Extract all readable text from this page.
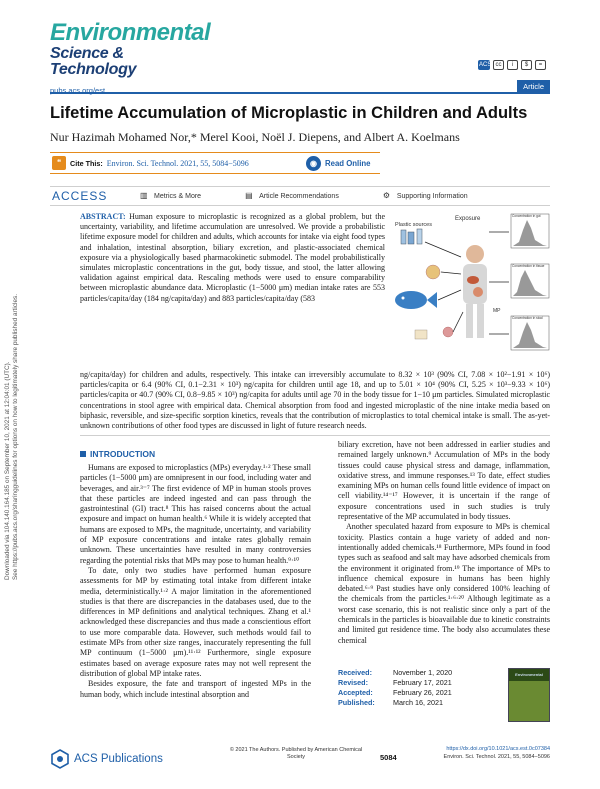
Downloaded via 104.140.164.185 on September 10, 2021 at 12:04:01 (UTC). See https://pubs.acs.org/sharingguidelines for options on how to legitimately share published articles.
Environmental
Science & Technology	ACS cc	i	$	=
pubs.acs.org/est	Article
Lifetime Accumulation of Microplastic in Children and Adults
Nur Hazimah Mohamed Nor,* Merel Kooi, Noël J. Diepens, and Albert A. Koelmans
❝	Cite This: Environ. Sci. Technol. 2021, 55, 5084−5096	◉	Read Online
ACCESS	▥ Metrics & More	▤ Article Recommendations	⚙ Supporting Information
ABSTRACT: Human exposure to microplastic is recognized as a global problem, but the uncertainty, variability, and lifetime accumulation are unresolved. We provide a probabilistic lifetime exposure model for children and adults, which accounts for intake via eight food types and inhalation, intestinal absorption, biliary excretion, and plastic-associated chemical exposure via a physiologically based pharmacokinetic submodel. The model probabilistically simulates microplastic concentrations in the gut, body tissue, and stool, the latter allowing validation against empirical data. Rescaling methods were used to ensure comparability between microplastic abundance data. Microplastic (1−5000 μm) median intake rates are 553 particles/capita/day (184 ng/capita/day) and 883 particles/capita/day (583
Exposure
Plastic sources
Concentration in gut
Concentration in tissue
Concentration in stool
MP
ng/capita/day) for children and adults, respectively. This intake can irreversibly accumulate to 8.32 × 10³ (90% CI, 7.08 × 10²−1.91 × 10⁶) particles/capita or 6.4 (90% CI, 0.1−2.31 × 10³) ng/capita for children until age 18, and up to 5.01 × 10⁴ (90% CI, 5.25 × 10³−9.33 × 10⁶) particles/capita or 40.7 (90% CI, 0.8−9.85 × 10³) ng/capita for adults until age 70 in the body tissue for 1−10 μm particles. Simulated microplastic concentrations in stool agree with empirical data. Chemical absorption from food and ingested microplastic of the nine intake media based on biphasic, reversible, and size-specific sorption kinetics, reveals that the contribution of microplastics to total chemical intake is small. The as-yet-unknown contributions of other food types are discussed in light of future research needs.
INTRODUCTION

Humans are exposed to microplastics (MPs) everyday.¹·² These small particles (1−5000 μm) are omnipresent in our food, including water and beverages, and air.³⁻⁷ The first evidence of MP in human stools proves that these particles are indeed ingested and can pass through the gastrointestinal (GI) tract.⁸ This has raised concerns about the actual exposure and impact on human health.⁶ While it is widely accepted that humans are exposed to MPs, the magnitude, uncertainty, and variability of MP exposure concentrations and intake rates globally remain unknown. These uncertainties have resulted in many controversies regarding the potential risks that MPs may pose to human health.⁹·¹⁰

To date, only two studies have performed human exposure assessments for MP by estimating total intake from different intake media, deterministically.¹·² A major limitation in the aforementioned studies is that there are discrepancies in the databases used, due to the differences in MP definitions and analytical techniques. Zhang et al.¹ acknowledged these discrepancies and thus made a conscientious effort to use more comparable data. However, such methods would fail to estimate MPs from other size ranges, inaccurately representing the full MP continuum (1−5000 μm).¹¹·¹² Furthermore, single exposure estimates based on average exposure rates may not well represent the distribution of global MP intake rates.

Besides exposure, the fate and transport of ingested MPs in the human body, which include intestinal absorption and

biliary excretion, have not been addressed in earlier studies and remained largely unknown.⁹ Accumulation of MPs in the body tissues could cause physical stress and damage, inflammation, oxidative stress, and immune responses.¹³ To date, effect studies examining MPs on human cells found little evidence of impact on cell viability.¹⁴⁻¹⁷ However, it is uncertain if the range of exposure concentrations used in such studies is truly representative of the MP accumulated in body tissues.

Another speculated hazard from exposure to MPs is chemical toxicity. Plastics contain a huge variety of added and non-intentionally added chemicals.¹⁸ Furthermore, MPs found in food types such as seafood and salt may have adsorbed chemicals from the environment it originated from.¹⁹ The importance of MPs to influence chemical exposure in humans has been highly debated.⁶·⁹ Past studies have only considered 100% leaching of the chemicals from the particles.¹·⁶·²⁰ Although legitimate as a worst case scenario, this is not realistic since only a part of the chemicals in the particles is bioavailable due to kinetic constraints and limited gut residence time. The body also accumulates these chemical

Received:	November 1, 2020
Revised:	February 17, 2021
Accepted:	February 26, 2021
Published:	March 16, 2021
Environmental
ACS Publications
© 2021 The Authors. Published by American Chemical Society	5084
https://dx.doi.org/10.1021/acs.est.0c07384
Environ. Sci. Technol. 2021, 55, 5084−5096
